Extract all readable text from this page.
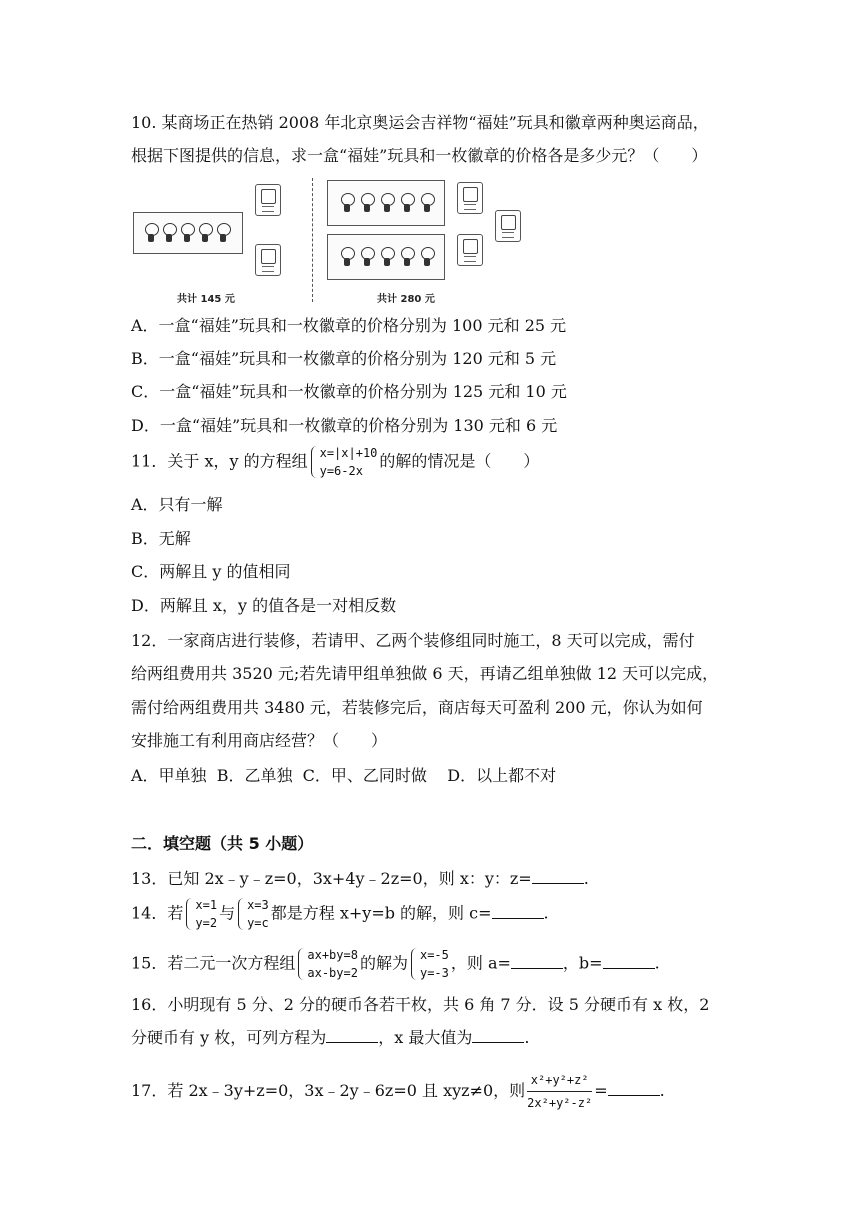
10. 某商场正在热销 2008 年北京奥运会吉祥物“福娃”玩具和徽章两种奥运商品，
根据下图提供的信息，求一盒“福娃”玩具和一枚徽章的价格各是多少元？（　　）
共计 145 元	共计 280 元
A．一盒“福娃”玩具和一枚徽章的价格分别为 100 元和 25 元
B．一盒“福娃”玩具和一枚徽章的价格分别为 120 元和 5 元
C．一盒“福娃”玩具和一枚徽章的价格分别为 125 元和 10 元
D．一盒“福娃”玩具和一枚徽章的价格分别为 130 元和 6 元
11．关于 x，y 的方程组 x=|x|+10
y=6-2x
的解的情况是（　　）
A．只有一解
B．无解
C．两解且 y 的值相同
D．两解且 x，y 的值各是一对相反数
12．一家商店进行装修，若请甲、乙两个装修组同时施工，8 天可以完成，需付
给两组费用共 3520 元;若先请甲组单独做 6 天，再请乙组单独做 12 天可以完成，
需付给两组费用共 3480 元，若装修完后，商店每天可盈利 200 元，你认为如何
安排施工有利用商店经营？（　　）
A．甲单独  B．乙单独  C．甲、乙同时做    D．以上都不对
二．填空题（共 5 小题）
13．已知 2x﹣y﹣z=0，3x+4y﹣2z=0，则 x：y：z=	.
14．若 x=1
y=2
与 x=3
y=c
都是方程 x+y=b 的解，则 c=	.
15．若二元一次方程组 ax+by=8
ax-by=2
的解为 x=-5
y=-3
，则 a=	，b=	.
16．小明现有 5 分、2 分的硬币各若干枚，共 6 角 7 分．设 5 分硬币有 x 枚，2
分硬币有 y 枚，可列方程为	，x 最大值为	.
17．若 2x﹣3y+z=0，3x﹣2y﹣6z=0 且 xyz≠0，则 $\frac{\text{x²+y²+z²}}{\text{2x²+y²-z²}}$ =	.
